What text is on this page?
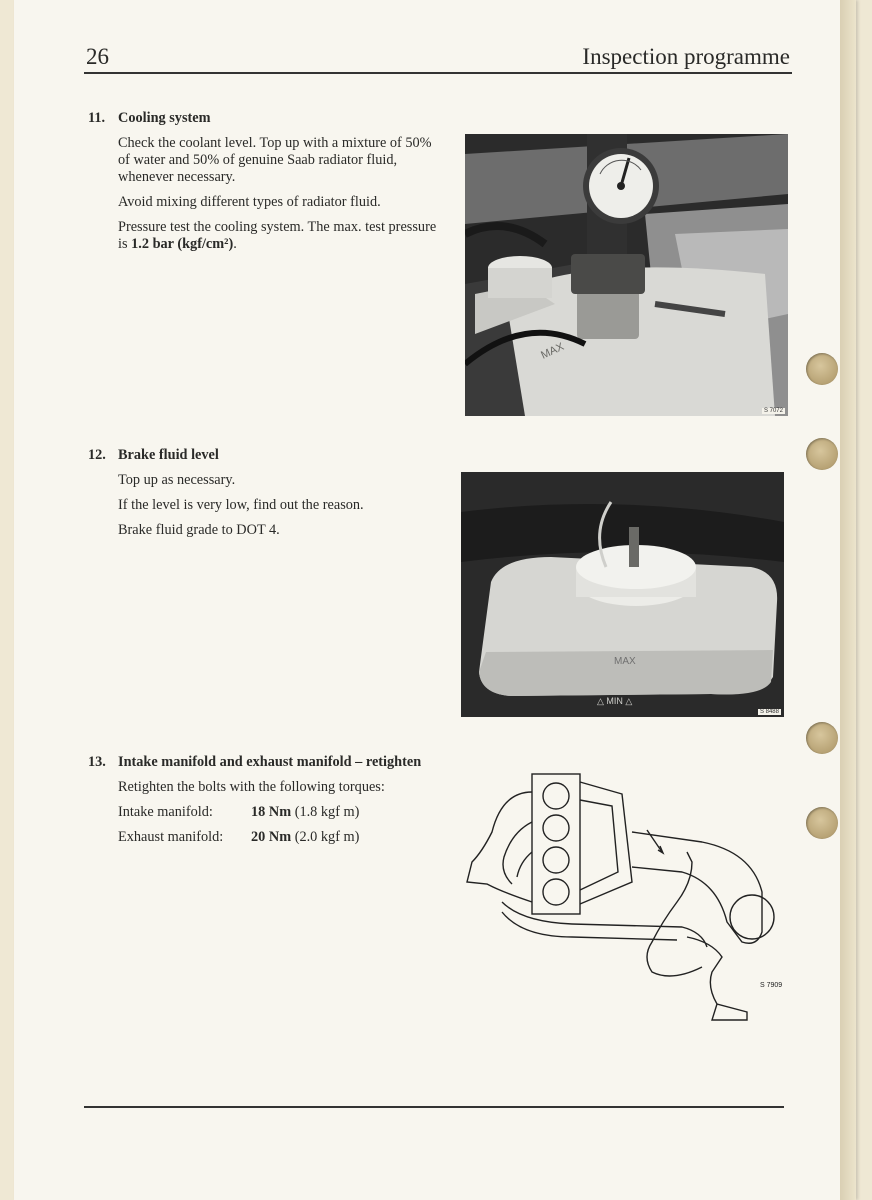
26	Inspection programme
11. Cooling system

Check the coolant level. Top up with a mixture of 50% of water and 50% of genuine Saab radiator fluid, whenever necessary.

Avoid mixing different types of radiator fluid.

Pressure test the cooling system. The max. test pressure is 1.2 bar (kgf/cm²).

MAX
S 7072
12. Brake fluid level

Top up as necessary.

If the level is very low, find out the reason.

Brake fluid grade to DOT 4.

MAX
△ MIN △
S 8488
13. Intake manifold and exhaust manifold – retighten

Retighten the bolts with the following torques:

Intake manifold:	18 Nm
(1.8 kgf m)
Exhaust manifold:	20 Nm
(2.0 kgf m)
S 7909
